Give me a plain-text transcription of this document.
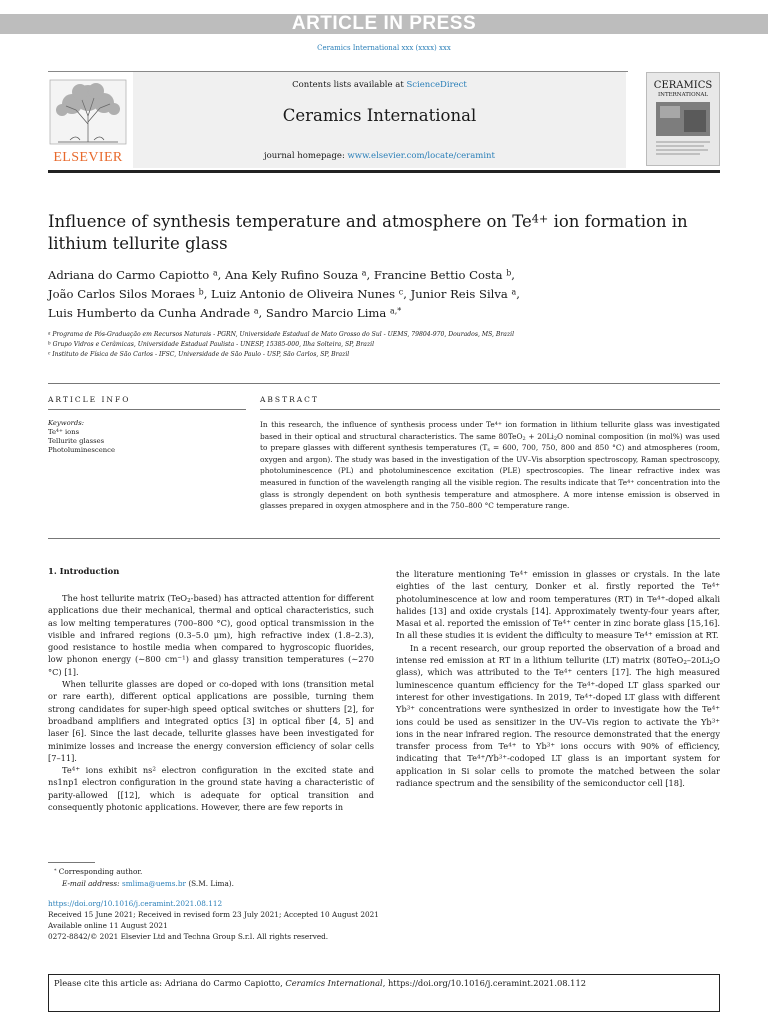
ARTICLE IN PRESS
Ceramics International xxx (xxxx) xxx
Contents lists available at ScienceDirect
Ceramics International
journal homepage: www.elsevier.com/locate/ceramint
ELSEVIER
CERAMICS
INTERNATIONAL
Influence of synthesis temperature and atmosphere on $Te^{4+}$ ion formation in lithium tellurite glass
Adriana do Carmo Capiotto $^a$, Ana Kely Rufino Souza $^a$, Francine Bettio Costa $^b$,
João Carlos Silos Moraes $^b$, Luiz Antonio de Oliveira Nunes $^c$, Junior Reis Silva $^a$,
Luis Humberto da Cunha Andrade $^a$, Sandro Marcio Lima $^{a,*}$
$^a$ Programa de Pós-Graduação em Recursos Naturais - PGRN, Universidade Estadual de Mato Grosso do Sul - UEMS, 79804-970, Dourados, MS, Brazil
$^b$ Grupo Vidros e Cerâmicas, Universidade Estadual Paulista - UNESP, 15385-000, Ilha Solteira, SP, Brazil
$^c$ Instituto de Física de São Carlos - IFSC, Universidade de São Paulo - USP, São Carlos, SP, Brazil
ARTICLE INFO
Keywords:
$Te^{4+}$ ions
Tellurite glasses
Photoluminescence
ABSTRACT
In this research, the influence of synthesis process under $Te^{4+}$ ion formation in lithium tellurite glass was investigated based in their optical and structural characteristics. The same $80TeO_2 + 20Li_2O$ nominal composition (in mol%) was used to prepare glasses with different synthesis temperatures ($T_s = 600$, 700, 750, 800 and 850 °C) and atmospheres (room, oxygen and argon). The study was based in the investigation of the UV–Vis absorption spectroscopy, Raman spectroscopy, photoluminescence (PL) and photoluminescence excitation (PLE) spectroscopies. The linear refractive index was measured in function of the wavelength ranging all the visible region. The results indicate that $Te^{4+}$ concentration into the glass is strongly dependent on both synthesis temperature and atmosphere. A more intense emission is observed in glasses prepared in oxygen atmosphere and in the 750–800 °C temperature range.
1. Introduction

The host tellurite matrix (TeO$_2$-based) has attracted attention for different applications due their mechanical, thermal and optical characteristics, such as low melting temperatures (700–800 °C), good optical transmission in the visible and infrared regions (0.3–5.0 μm), high refractive index (1.8–2.3), good resistance to hostile media when compared to hygroscopic fluorides, low phonon energy (∼800 $cm^{-1}$) and glassy transition temperatures (∼270 °C) [1].

When tellurite glasses are doped or co-doped with ions (transition metal or rare earth), different optical applications are possible, turning them strong candidates for super-high speed optical switches or shutters [2], for broadband amplifiers and integrated optics [3] in optical fiber [4, 5] and laser [6]. Since the last decade, tellurite glasses have been investigated for minimize losses and increase the energy conversion efficiency of solar cells [7–11].

$Te^{4+}$ ions exhibit $ns^2$ electron configuration in the excited state and ns1np1 electron configuration in the ground state having a characteristic of parity-allowed [[12], which is adequate for optical transition and consequently photonic applications. However, there are few reports in

the literature mentioning $Te^{4+}$ emission in glasses or crystals. In the late eighties of the last century, Donker et al. firstly reported the $Te^{4+}$ photoluminescence at low and room temperatures (RT) in $Te^{4+}$-doped alkali halides [13] and oxide crystals [14]. Approximately twenty-four years after, Masai et al. reported the emission of $Te^{4+}$ center in zinc borate glass [15,16]. In all these studies it is evident the difficulty to measure $Te^{4+}$ emission at RT.

In a recent research, our group reported the observation of a broad and intense red emission at RT in a lithium tellurite (LT) matrix ($80TeO_2-20Li_2O$ glass), which was attributed to the $Te^{4+}$ centers [17]. The high measured luminescence quantum efficiency for the $Te^{4+}$-doped LT glass sparked our interest for other investigations. In 2019, $Te^{4+}$-doped LT glass with different $Yb^{3+}$ concentrations were synthesized in order to investigate how the $Te^{4+}$ ions could be used as sensitizer in the UV–Vis region to activate the $Yb^{3+}$ ions in the near infrared region. The resource demonstrated that the energy transfer process from $Te^{4+}$ to $Yb^{3+}$ ions occurs with 90% of efficiency, indicating that $Te^{4+}/Yb^{3+}$-codoped LT glass is an important system for application in Si solar cells to promote the matched between the solar radiance spectrum and the sensibility of the semiconductor cell [18].

* Corresponding author.
E-mail address: smlima@uems.br (S.M. Lima).
https://doi.org/10.1016/j.ceramint.2021.08.112
Received 15 June 2021; Received in revised form 23 July 2021; Accepted 10 August 2021
Available online 11 August 2021
0272-8842/© 2021 Elsevier Ltd and Techna Group S.r.l. All rights reserved.
Please cite this article as: Adriana do Carmo Capiotto, Ceramics International, https://doi.org/10.1016/j.ceramint.2021.08.112
